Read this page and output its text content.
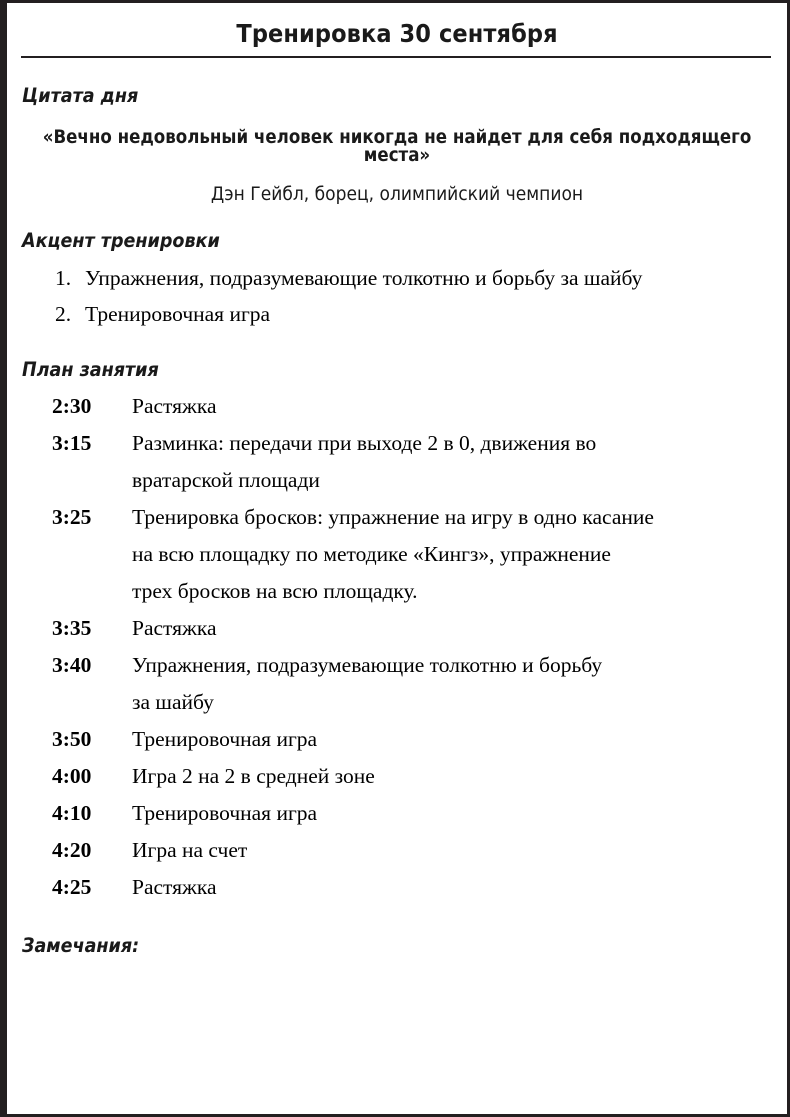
Тренировка 30 сентября
Цитата дня
«Вечно недовольный человек никогда не найдет для себя подходящего места»
Дэн Гейбл, борец, олимпийский чемпион
Акцент тренировки
1. Упражнения, подразумевающие толкотню и борьбу за шайбу
2. Тренировочная игра
План занятия
2:30	Растяжка
3:15	Разминка: передачи при выходе 2 в 0, движения во
вратарской площади
3:25	Тренировка бросков: упражнение на игру в одно касание
на всю площадку по методике «Кингз», упражнение
трех бросков на всю площадку.
3:35	Растяжка
3:40	Упражнения, подразумевающие толкотню и борьбу
за шайбу
3:50	Тренировочная игра
4:00	Игра 2 на 2 в средней зоне
4:10	Тренировочная игра
4:20	Игра на счет
4:25	Растяжка
Замечания:
